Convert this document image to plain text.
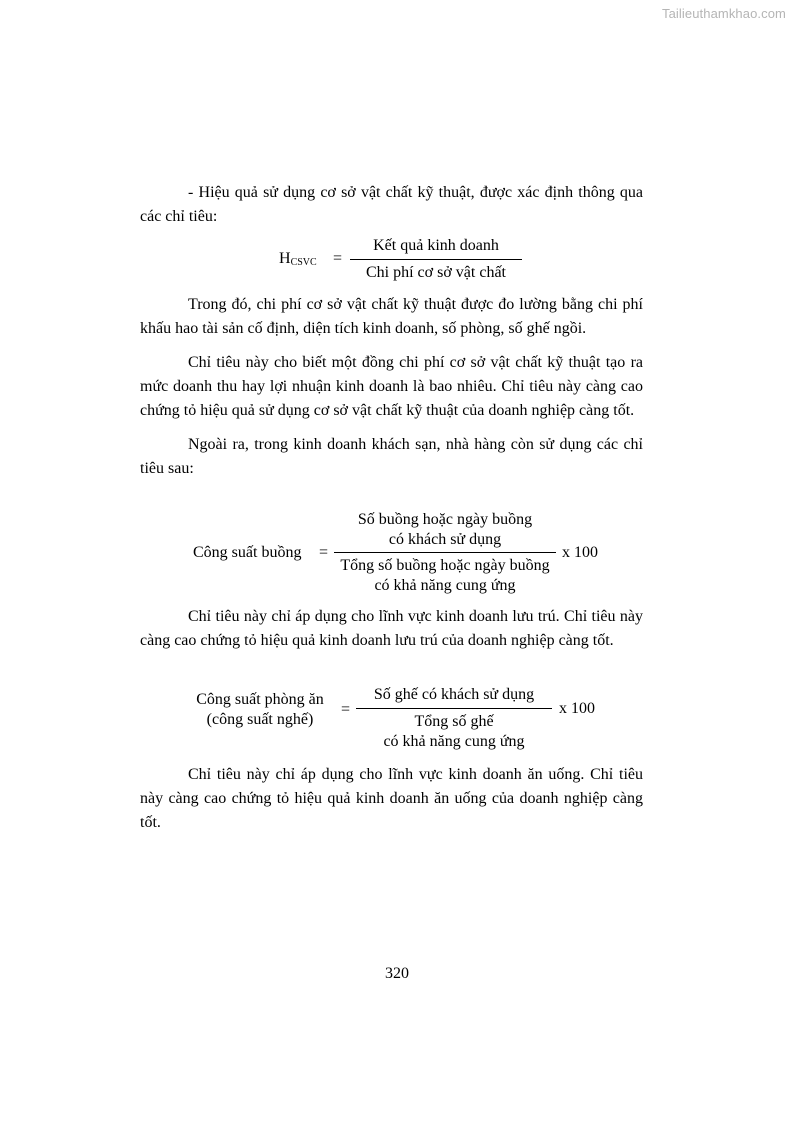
Tailieuthamkhao.com

- Hiệu quả sử dụng cơ sở vật chất kỹ thuật, được xác định thông qua các chỉ tiêu:

$H_{CSVC}$ =
Kết quả kinh doanh
Chi phí cơ sở vật chất

Trong đó, chi phí cơ sở vật chất kỹ thuật được đo lường bằng chi phí khấu hao tài sản cố định, diện tích kinh doanh, số phòng, số ghế ngồi.

Chỉ tiêu này cho biết một đồng chi phí cơ sở vật chất kỹ thuật tạo ra mức doanh thu hay lợi nhuận kinh doanh là bao nhiêu. Chỉ tiêu này càng cao chứng tỏ hiệu quả sử dụng cơ sở vật chất kỹ thuật của doanh nghiệp càng tốt.

Ngoài ra, trong kinh doanh khách sạn, nhà hàng còn sử dụng các chỉ tiêu sau:

Công suất buồng =
Số buồng hoặc ngày buồng
có khách sử dụng
Tổng số buồng hoặc ngày buồng
có khả năng cung ứng
x 100

Chỉ tiêu này chỉ áp dụng cho lĩnh vực kinh doanh lưu trú. Chỉ tiêu này càng cao chứng tỏ hiệu quả kinh doanh lưu trú của doanh nghiệp càng tốt.

Công suất phòng ăn
(công suất nghế)
=
Số ghế có khách sử dụng
Tổng số ghế
có khả năng cung ứng
x 100

Chỉ tiêu này chỉ áp dụng cho lĩnh vực kinh doanh ăn uống. Chỉ tiêu này càng cao chứng tỏ hiệu quả kinh doanh ăn uống của doanh nghiệp càng tốt.

320
